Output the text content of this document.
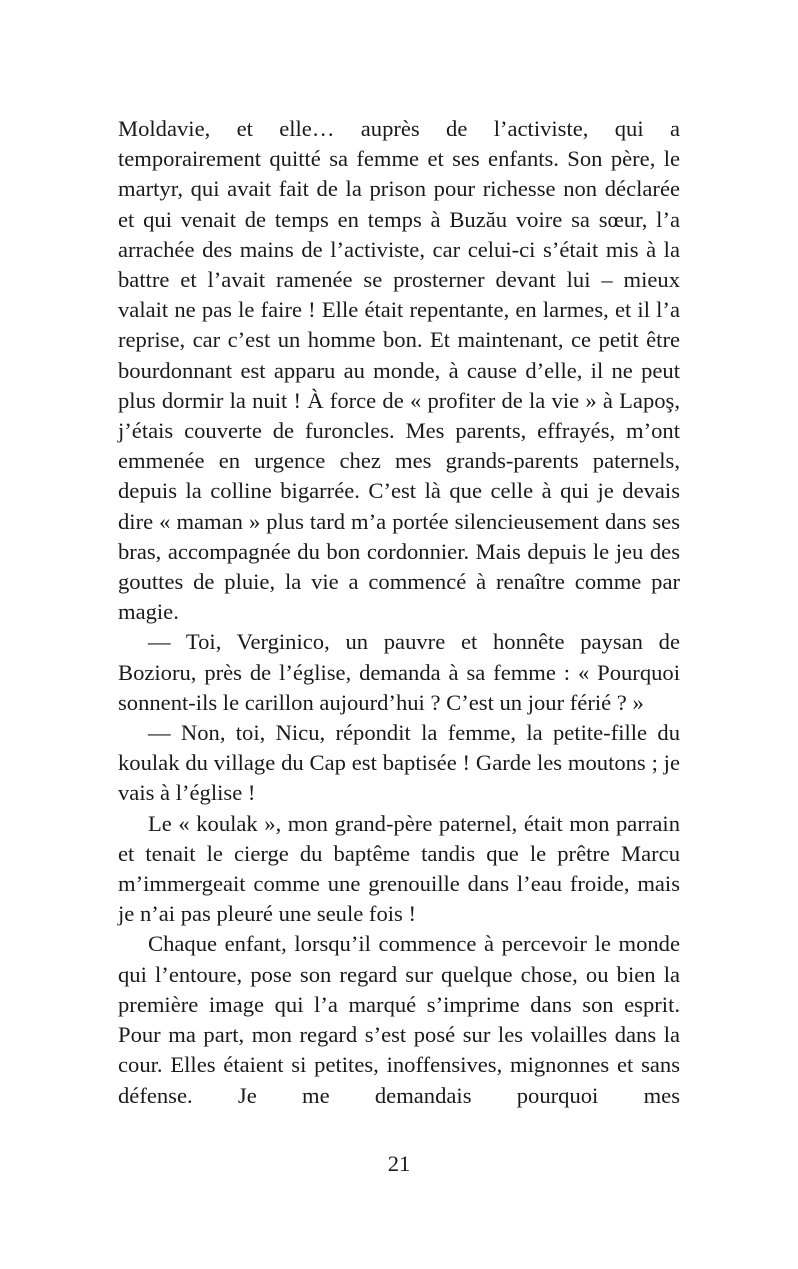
Moldavie, et elle… auprès de l’activiste, qui a temporairement quitté sa femme et ses enfants. Son père, le martyr, qui avait fait de la prison pour richesse non déclarée et qui venait de temps en temps à Buzău voire sa sœur, l’a arrachée des mains de l’activiste, car celui-ci s’était mis à la battre et l’avait ramenée se prosterner devant lui – mieux valait ne pas le faire ! Elle était repentante, en larmes, et il l’a reprise, car c’est un homme bon. Et maintenant, ce petit être bourdonnant est apparu au monde, à cause d’elle, il ne peut plus dormir la nuit ! À force de « profiter de la vie » à Lapoş, j’étais couverte de furoncles. Mes parents, effrayés, m’ont emmenée en urgence chez mes grands-parents paternels, depuis la colline bigarrée. C’est là que celle à qui je devais dire « maman » plus tard m’a portée silencieusement dans ses bras, accompagnée du bon cordonnier. Mais depuis le jeu des gouttes de pluie, la vie a commencé à renaître comme par magie.

— Toi, Verginico, un pauvre et honnête paysan de Bozioru, près de l’église, demanda à sa femme : « Pourquoi sonnent-ils le carillon aujourd’hui ? C’est un jour férié ? »

— Non, toi, Nicu, répondit la femme, la petite-fille du koulak du village du Cap est baptisée ! Garde les moutons ; je vais à l’église !

Le « koulak », mon grand-père paternel, était mon parrain et tenait le cierge du baptême tandis que le prêtre Marcu m’immergeait comme une grenouille dans l’eau froide, mais je n’ai pas pleuré une seule fois !

Chaque enfant, lorsqu’il commence à percevoir le monde qui l’entoure, pose son regard sur quelque chose, ou bien la première image qui l’a marqué s’imprime dans son esprit. Pour ma part, mon regard s’est posé sur les volailles dans la cour. Elles étaient si petites, inoffensives, mignonnes et sans défense. Je me demandais pourquoi mes

21
